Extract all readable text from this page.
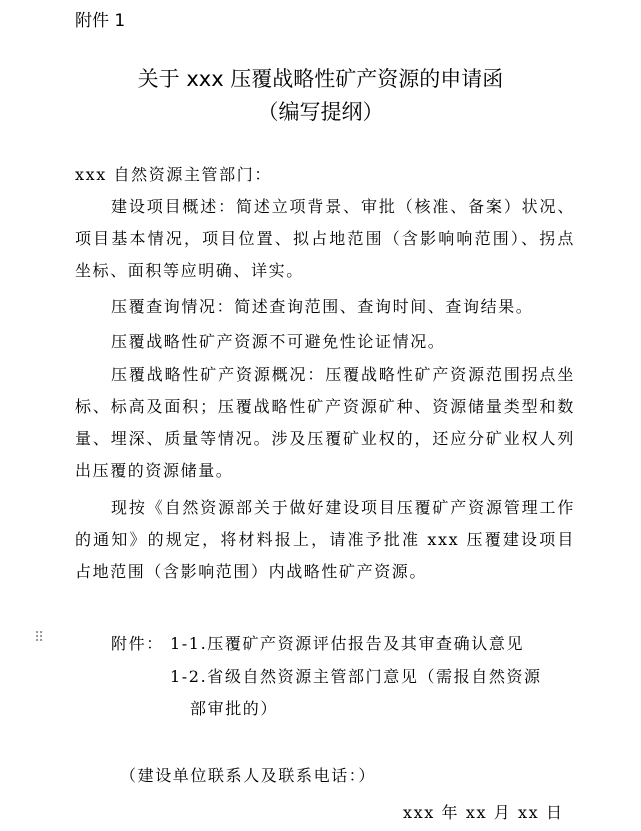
附件 1
关于 xxx 压覆战略性矿产资源的申请函
（编写提纲）
xxx 自然资源主管部门：
建设项目概述：简述立项背景、审批（核准、备案）状况、项目基本情况，项目位置、拟占地范围（含影响响范围）、拐点坐标、面积等应明确、详实。
压覆查询情况：简述查询范围、查询时间、查询结果。
压覆战略性矿产资源不可避免性论证情况。
压覆战略性矿产资源概况：压覆战略性矿产资源范围拐点坐标、标高及面积；压覆战略性矿产资源矿种、资源储量类型和数量、埋深、质量等情况。涉及压覆矿业权的，还应分矿业权人列出压覆的资源储量。
现按《自然资源部关于做好建设项目压覆矿产资源管理工作的通知》的规定，将材料报上，请准予批准 xxx 压覆建设项目占地范围（含影响范围）内战略性矿产资源。
⠿	附件： 1-1.压覆矿产资源评估报告及其审查确认意见
1-2.省级自然资源主管部门意见（需报自然资源
部审批的）
（建设单位联系人及联系电话：）
xxx 年 xx 月 xx 日
